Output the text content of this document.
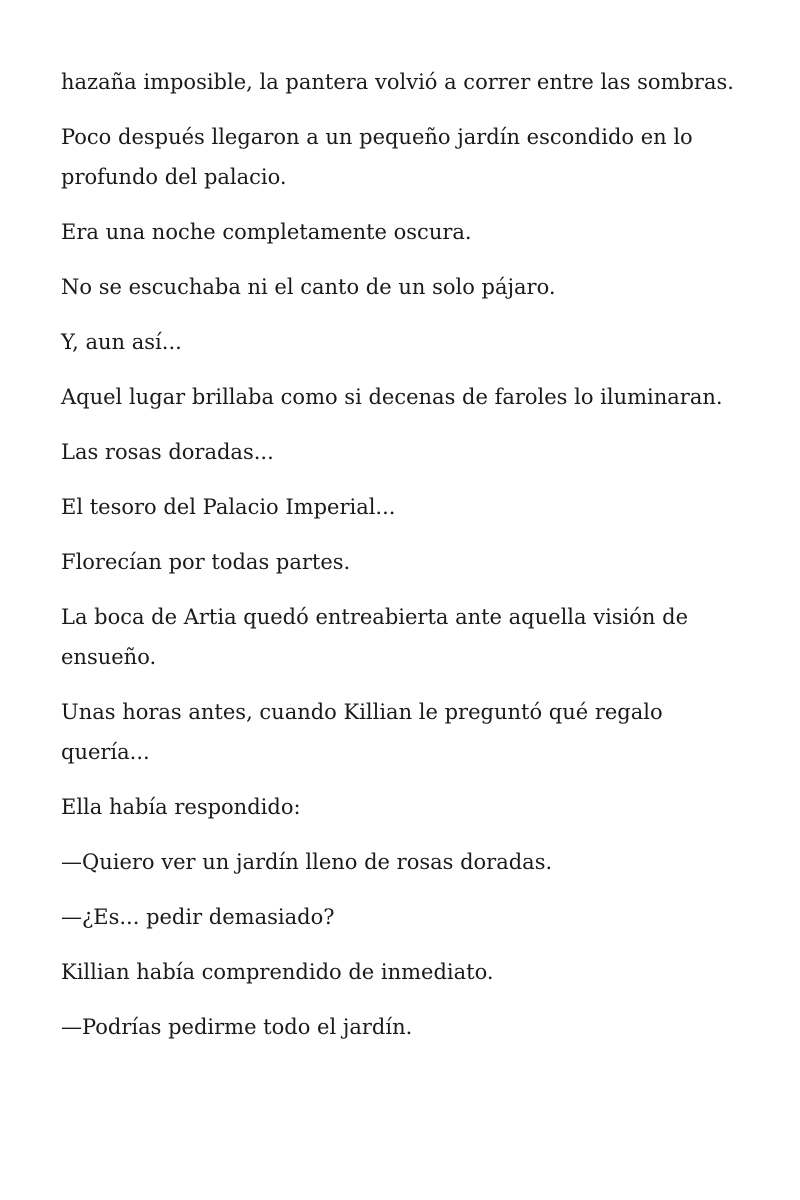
hazaña imposible, la pantera volvió a correr entre las sombras.

Poco después llegaron a un pequeño jardín escondido en lo profundo del palacio.

Era una noche completamente oscura.

No se escuchaba ni el canto de un solo pájaro.

Y, aun así...

Aquel lugar brillaba como si decenas de faroles lo iluminaran.

Las rosas doradas...

El tesoro del Palacio Imperial...

Florecían por todas partes.

La boca de Artia quedó entreabierta ante aquella visión de ensueño.

Unas horas antes, cuando Killian le preguntó qué regalo quería...

Ella había respondido:

—Quiero ver un jardín lleno de rosas doradas.

—¿Es... pedir demasiado?

Killian había comprendido de inmediato.

—Podrías pedirme todo el jardín.
